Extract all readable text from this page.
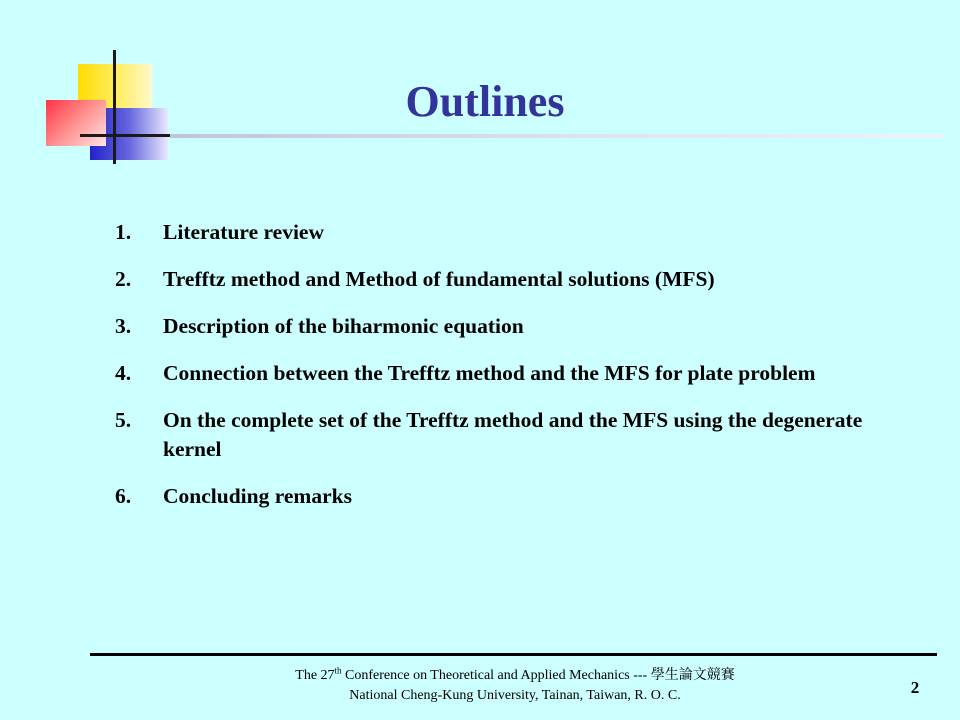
Outlines
1.	Literature review
2.	Trefftz method and Method of fundamental solutions (MFS)
3.	Description of the biharmonic equation
4.	Connection between the Trefftz method and the MFS for plate problem
5.	On the complete set of the Trefftz method and the MFS using the degenerate kernel
6.	Concluding remarks
The 27th Conference on Theoretical and Applied Mechanics --- 學生論文競賽
National Cheng-Kung University, Tainan, Taiwan, R. O. C.	2
